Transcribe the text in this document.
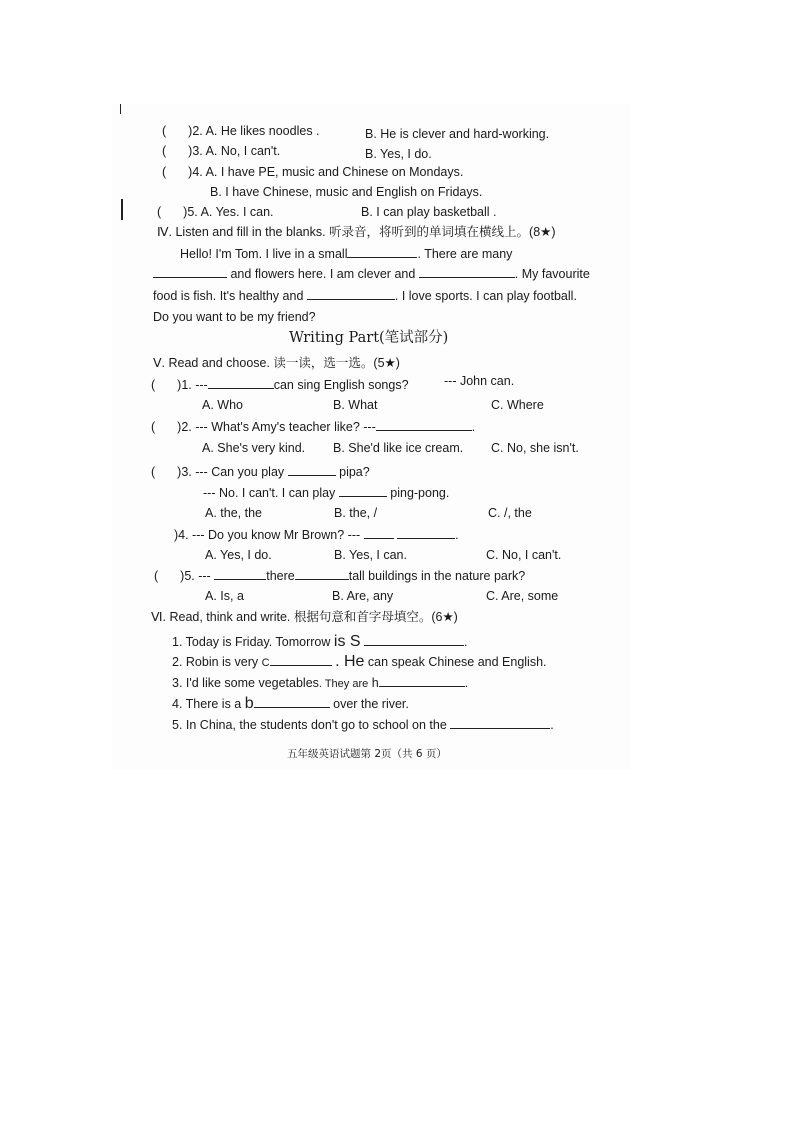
( )2. A. He likes noodles .	B. He is clever and hard-working.
( )3. A. No, I can't.	B. Yes, I do.
( )4. A. I have PE, music and Chinese on Mondays.
B. I have Chinese, music and English on Fridays.
( )5. A. Yes. I can.	B. I can play basketball .
Ⅳ. Listen and fill in the blanks. 听录音，将听到的单词填在横线上。(8★)
Hello! I'm Tom. I live in a small	. There are many
and flowers here. I am clever and	. My favourite
food is fish. It's healthy and	. I love sports. I can play football.
Do you want to be my friend?
Writing Part(笔试部分)
Ⅴ. Read and choose. 读一读，选一选。(5★)
( )1. ---	can sing English songs?	--- John can.
A. Who	B. What	C. Where
( )2. --- What's Amy's teacher like? ---	.
A. She's very kind. B. She'd like ice cream. C. No, she isn't.
( )3. --- Can you play	pipa?
--- No. I can't. I can play	ping-pong.
A. the, the	B. the, /	C. /, the
)4. --- Do you know Mr Brown? ---	.
A. Yes, I do.	B. Yes, I can.	C. No, I can't.
( )5. ---	there	tall buildings in the nature park?
A. Is, a	B. Are, any	C. Are, some
Ⅵ. Read, think and write. 根据句意和首字母填空。(6★)
1. Today is Friday. Tomorrow is S	.
2. Robin is very C	. He can speak Chinese and English.
3. I'd like some vegetables. They are h	.
4. There is a b	over the river.
5. In China, the students don't go to school on the	.
五年级英语试题第 2页（共 6 页）
